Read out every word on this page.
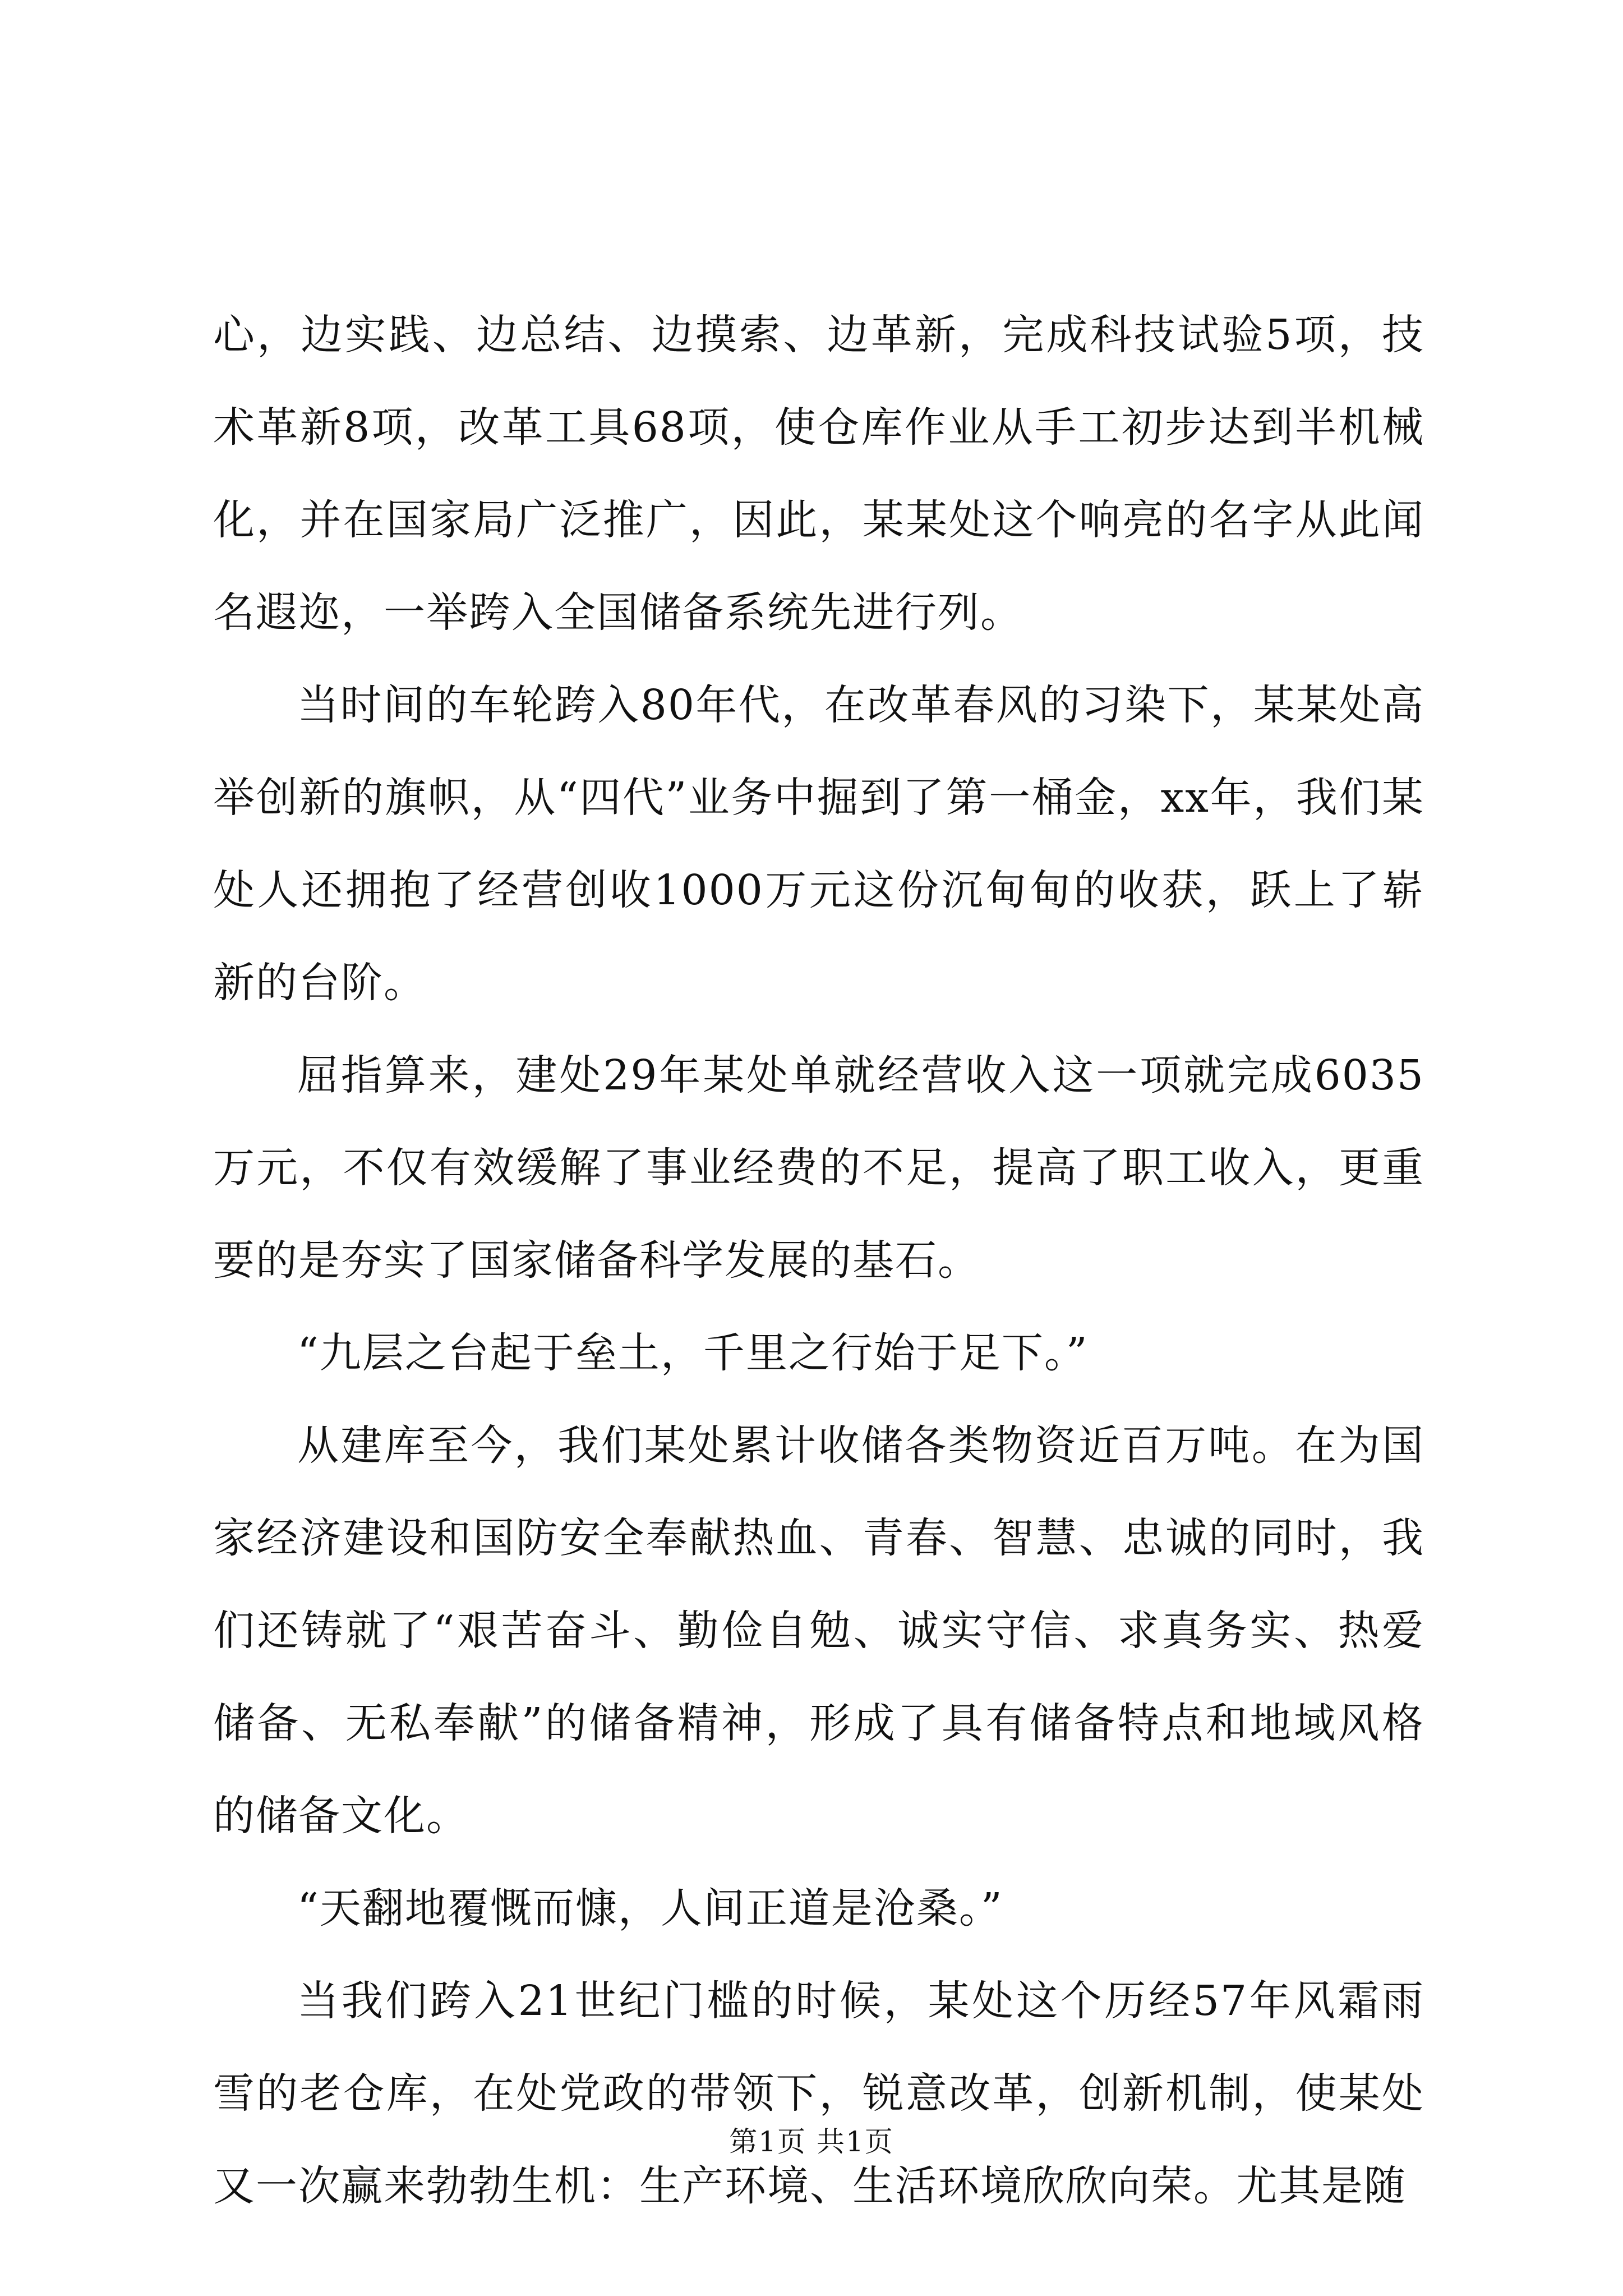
心，边实践、边总结、边摸索、边革新，完成科技试验5项，技术革新8项，改革工具68项，使仓库作业从手工初步达到半机械化，并在国家局广泛推广，因此，某某处这个响亮的名字从此闻名遐迩，一举跨入全国储备系统先进行列。

当时间的车轮跨入80年代，在改革春风的习染下，某某处高举创新的旗帜，从“四代”业务中掘到了第一桶金，xx年，我们某处人还拥抱了经营创收1000万元这份沉甸甸的收获，跃上了崭新的台阶。

屈指算来，建处29年某处单就经营收入这一项就完成6035万元，不仅有效缓解了事业经费的不足，提高了职工收入，更重要的是夯实了国家储备科学发展的基石。

“九层之台起于垒土，千里之行始于足下。”

从建库至今，我们某处累计收储各类物资近百万吨。在为国家经济建设和国防安全奉献热血、青春、智慧、忠诚的同时，我们还铸就了“艰苦奋斗、勤俭自勉、诚实守信、求真务实、热爱储备、无私奉献”的储备精神，形成了具有储备特点和地域风格的储备文化。

“天翻地覆慨而慷，人间正道是沧桑。”

当我们跨入21世纪门槛的时候，某处这个历经57年风霜雨雪的老仓库，在处党政的带领下，锐意改革，创新机制，使某处又一次赢来勃勃生机：生产环境、生活环境欣欣向荣。尤其是随

第1页 共1页
